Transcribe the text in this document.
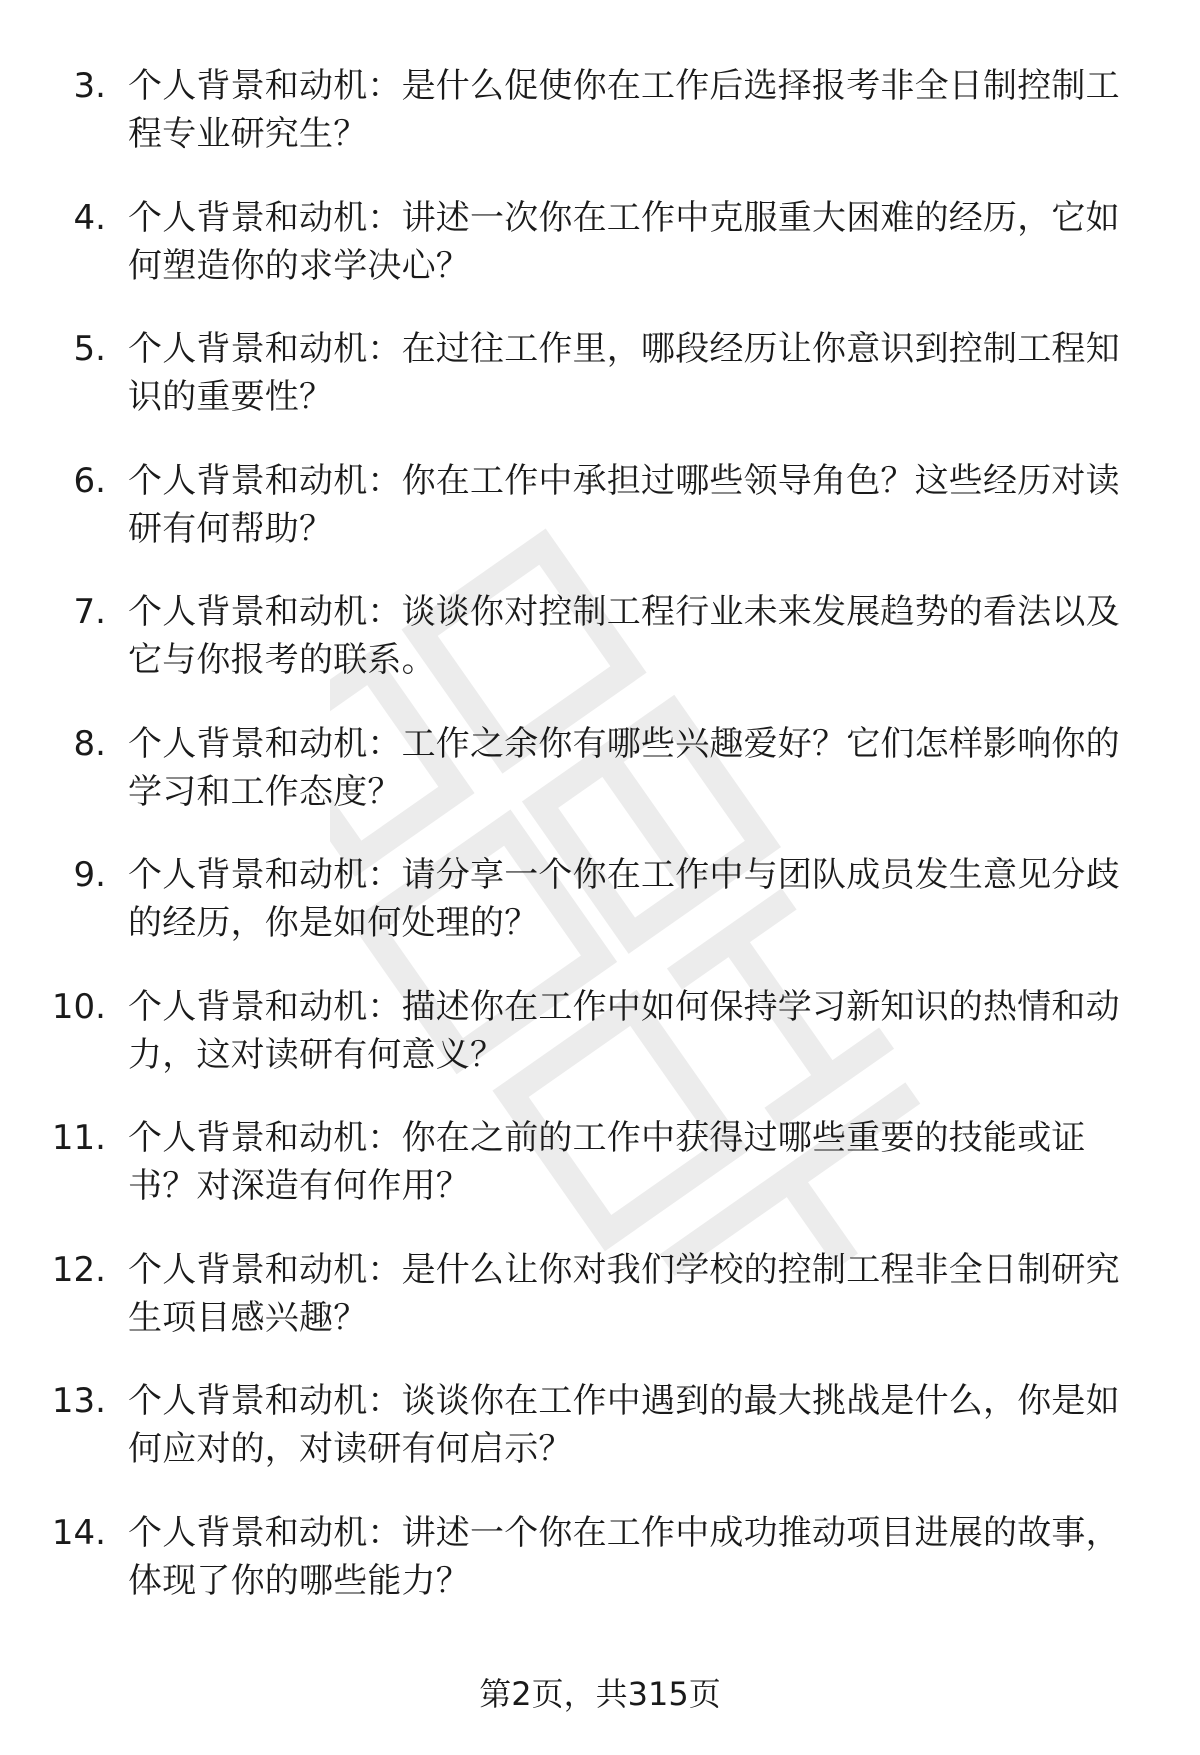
3. 个人背景和动机：是什么促使你在工作后选择报考非全日制控制工程专业研究生？
4. 个人背景和动机：讲述一次你在工作中克服重大困难的经历，它如何塑造你的求学决心？
5. 个人背景和动机：在过往工作里，哪段经历让你意识到控制工程知识的重要性？
6. 个人背景和动机：你在工作中承担过哪些领导角色？这些经历对读研有何帮助？
7. 个人背景和动机：谈谈你对控制工程行业未来发展趋势的看法以及它与你报考的联系。
8. 个人背景和动机：工作之余你有哪些兴趣爱好？它们怎样影响你的学习和工作态度？
9. 个人背景和动机：请分享一个你在工作中与团队成员发生意见分歧的经历，你是如何处理的？
10. 个人背景和动机：描述你在工作中如何保持学习新知识的热情和动力，这对读研有何意义？
11. 个人背景和动机：你在之前的工作中获得过哪些重要的技能或证书？对深造有何作用？
12. 个人背景和动机：是什么让你对我们学校的控制工程非全日制研究生项目感兴趣？
13. 个人背景和动机：谈谈你在工作中遇到的最大挑战是什么，你是如何应对的，对读研有何启示？
14. 个人背景和动机：讲述一个你在工作中成功推动项目进展的故事，体现了你的哪些能力？
第2页，共315页
